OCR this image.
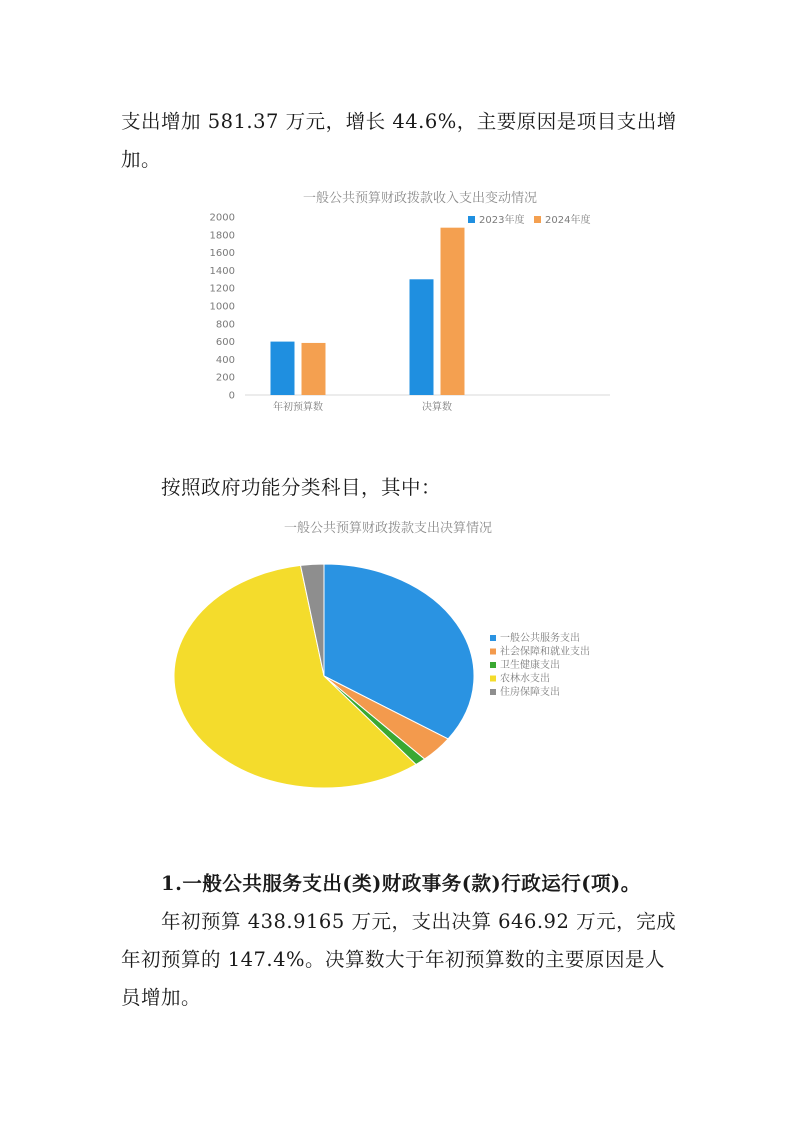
支出增加 581.37 万元，增长 44.6%，主要原因是项目支出增

加。

一般公共预算财政拨款收入支出变动情况
0
200
400
600
800
1000
1200
1400
1600
1800
2000
年初预算数	决算数
2023年度 2024年度

按照政府功能分类科目，其中：

一般公共预算财政拨款支出决算情况
一般公共服务支出
社会保障和就业支出
卫生健康支出
农林水支出
住房保障支出

1.一般公共服务支出(类)财政事务(款)行政运行(项)。

年初预算 438.9165 万元，支出决算 646.92 万元，完成

年初预算的 147.4%。决算数大于年初预算数的主要原因是人

员增加。
